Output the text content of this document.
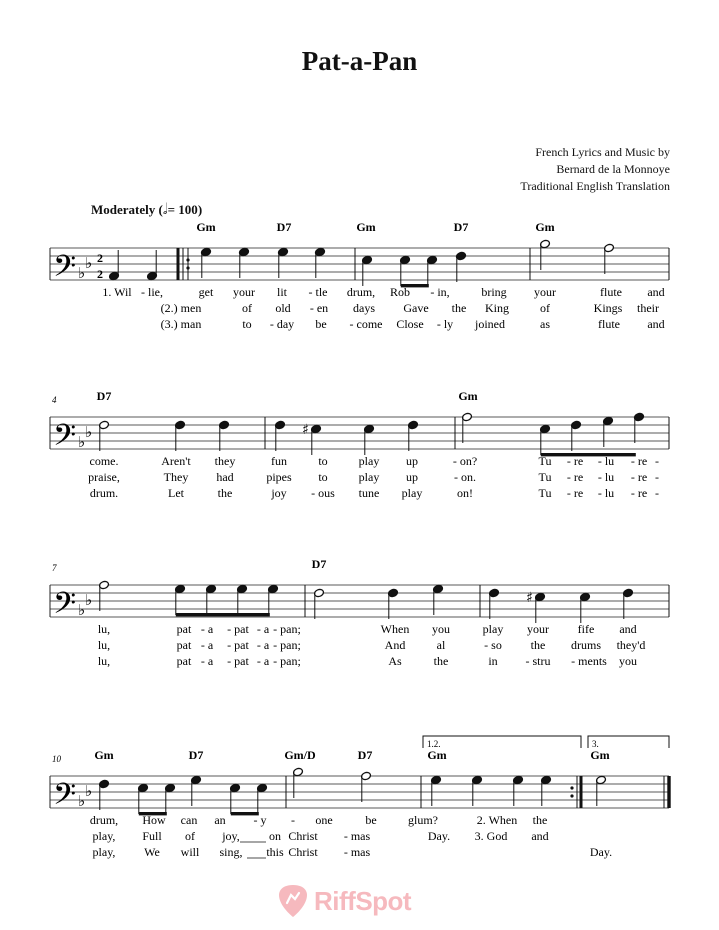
Pat-a-Pan
French Lyrics and Music by
Bernard de la Monnoye
Traditional English Translation
Moderately (𝅗𝅥= 100)
𝄢 ♭
♭ 2
2
Gm	D7	Gm	D7	Gm
1. Wil - lie,	get your lit - tle drum, Rob - in,	bring your	flute and
(2.) men	of old - en days Gave the King	of	Kings their
(3.) man	to - day be - come Close - ly joined	as	flute and
𝄢 ♭
♭
4	D7	Gm
♯
come.	Aren't they	fun	to	play up	- on?	Tu - re - lu - re -
praise,	They had	pipes to	play up	- on.	Tu - re - lu - re -
drum.	Let	the	joy - ous tune play	on!	Tu - re - lu - re -
𝄢 ♭
♭
7	D7
♯
lu,	pat - a - pat - a - pan;	When you	play your fife and
lu,	pat - a - pat - a - pan;	And	al	- so the drums they'd
lu,	pat - a - pat - a - pan;	As	the	in - stru - ments you
𝄢 ♭
♭
10
1.2.	3.
Gm	D7	Gm/D	D7	Gm	Gm
drum, How can an - y - one	be	glum?	2. When the
play, Full of joy, on Christ - mas	Day. 3. God and
play, We will sing, this Christ - mas	Day.
RiffSpot
